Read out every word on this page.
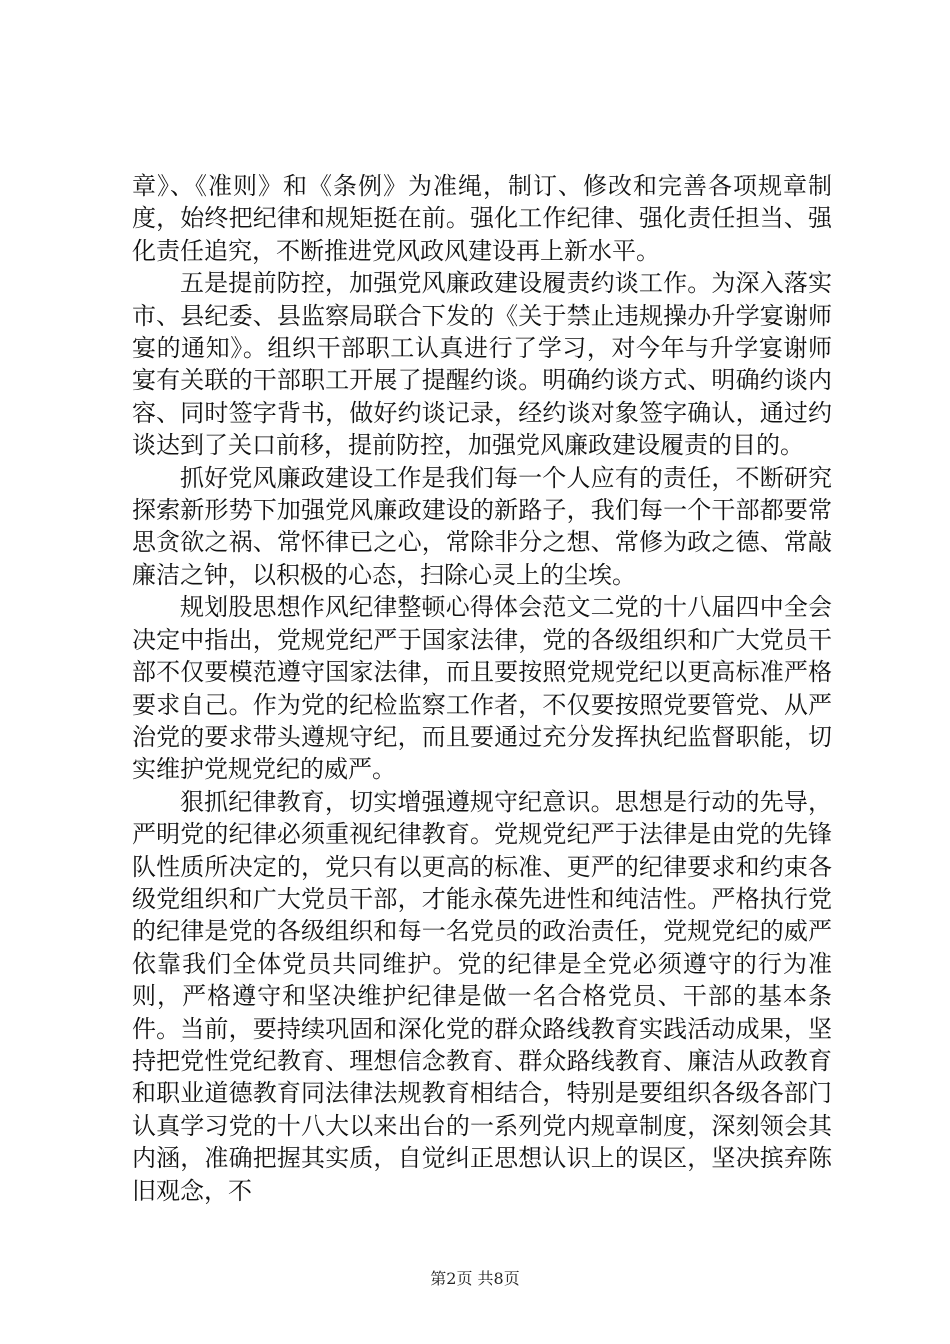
章》、《准则》和《条例》为准绳，制订、修改和完善各项规章制度，始终把纪律和规矩挺在前。强化工作纪律、强化责任担当、强化责任追究，不断推进党风政风建设再上新水平。

五是提前防控，加强党风廉政建设履责约谈工作。为深入落实市、县纪委、县监察局联合下发的《关于禁止违规操办升学宴谢师宴的通知》。组织干部职工认真进行了学习，对今年与升学宴谢师宴有关联的干部职工开展了提醒约谈。明确约谈方式、明确约谈内容、同时签字背书，做好约谈记录，经约谈对象签字确认，通过约谈达到了关口前移，提前防控，加强党风廉政建设履责的目的。

抓好党风廉政建设工作是我们每一个人应有的责任，不断研究探索新形势下加强党风廉政建设的新路子，我们每一个干部都要常思贪欲之祸、常怀律已之心，常除非分之想、常修为政之德、常敲廉洁之钟，以积极的心态，扫除心灵上的尘埃。

规划股思想作风纪律整顿心得体会范文二党的十八届四中全会决定中指出，党规党纪严于国家法律，党的各级组织和广大党员干部不仅要模范遵守国家法律，而且要按照党规党纪以更高标准严格要求自己。作为党的纪检监察工作者，不仅要按照党要管党、从严治党的要求带头遵规守纪，而且要通过充分发挥执纪监督职能，切实维护党规党纪的威严。

狠抓纪律教育，切实增强遵规守纪意识。思想是行动的先导，严明党的纪律必须重视纪律教育。党规党纪严于法律是由党的先锋队性质所决定的，党只有以更高的标准、更严的纪律要求和约束各级党组织和广大党员干部，才能永葆先进性和纯洁性。严格执行党的纪律是党的各级组织和每一名党员的政治责任，党规党纪的威严依靠我们全体党员共同维护。党的纪律是全党必须遵守的行为准则，严格遵守和坚决维护纪律是做一名合格党员、干部的基本条件。当前，要持续巩固和深化党的群众路线教育实践活动成果，坚持把党性党纪教育、理想信念教育、群众路线教育、廉洁从政教育和职业道德教育同法律法规教育相结合，特别是要组织各级各部门认真学习党的十八大以来出台的一系列党内规章制度，深刻领会其内涵，准确把握其实质，自觉纠正思想认识上的误区，坚决摈弃陈旧观念，不

第2页 共8页
